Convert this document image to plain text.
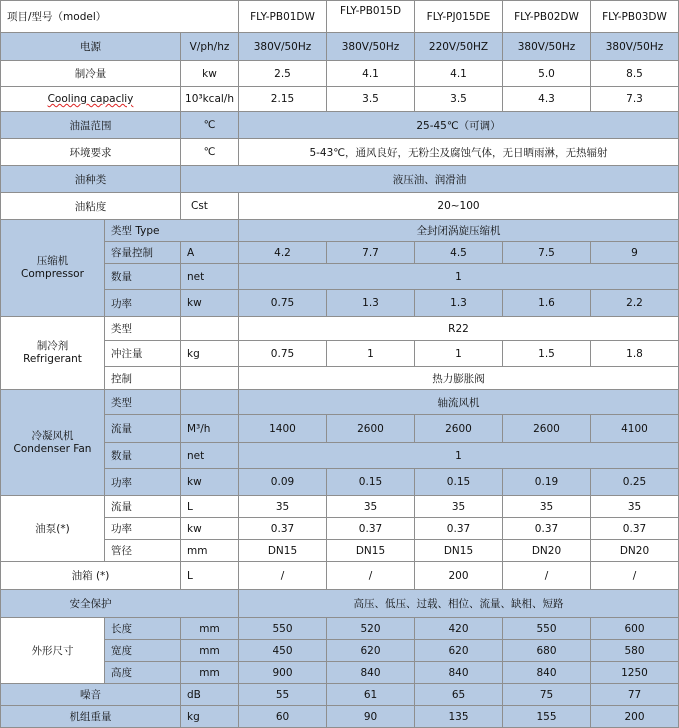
项目/型号（model）			FLY-PB01DW	FLY-PB015D	FLY-PJ015DE	FLY-PB02DW	FLY-PB03DW
电源		V/ph/hz	380V/50Hz	380V/50Hz	220V/50HZ	380V/50Hz	380V/50Hz
制冷量		kw	2.5	4.1	4.1	5.0	8.5
Cooling capacliy		10³kcal/h	2.15	3.5	3.5	4.3	7.3
油温范围		℃	25-45℃（可调）				
环境要求		℃	5-43℃，通风良好，无粉尘及腐蚀气体，无日晒雨淋，无热辐射				
油种类		液压油、润滑油					
油粘度		Cst	20~100				

压缩机
Compressor	类型 Type		全封闭涡旋压缩机				
	容量控制	A	4.2	7.7	4.5	7.5	9
	数量	net	1				
	功率	kw	0.75	1.3	1.3	1.6	2.2

制冷剂
Refrigerant	类型		R22				
	冲注量	kg	0.75	1	1	1.5	1.8
	控制		热力膨胀阀				

冷凝风机
Condenser Fan	类型		轴流风机				
	流量	M³/h	1400	2600	2600	2600	4100
	数量	net	1				
	功率	kw	0.09	0.15	0.15	0.19	0.25
油泵(*)	流量	L	35	35	35	35	35
	功率	kw	0.37	0.37	0.37	0.37	0.37
	管径	mm	DN15	DN15	DN15	DN20	DN20
油箱 (*)		L	/	/	200	/	/
安全保护			高压、低压、过载、相位、流量、缺相、短路				
外形尺寸	长度	mm	550	520	420	550	600
	宽度	mm	450	620	620	680	580
	高度	mm	900	840	840	840	1250
噪音		dB	55	61	65	75	77
机组重量		kg	60	90	135	155	200
